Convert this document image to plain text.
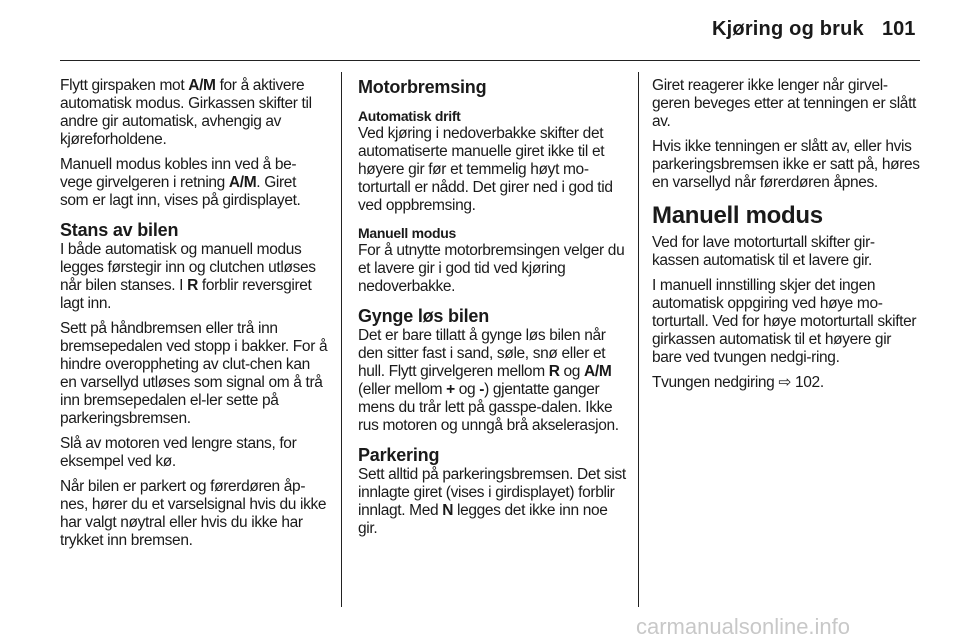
Kjøring og bruk 101

Flytt girspaken mot A/M for å aktivere automatisk modus. Girkassen skifter til andre gir automatisk, avhengig av kjøreforholdene.

Manuell modus kobles inn ved å be-vege girvelgeren i retning A/M. Giret som er lagt inn, vises på girdisplayet.

Stans av bilen

I både automatisk og manuell modus legges førstegir inn og clutchen utløses når bilen stanses. I R forblir reversgiret lagt inn.

Sett på håndbremsen eller trå inn bremsepedalen ved stopp i bakker. For å hindre overoppheting av clut-chen kan en varsellyd utløses som signal om å trå inn bremsepedalen el-ler sette på parkeringsbremsen.

Slå av motoren ved lengre stans, for eksempel ved kø.

Når bilen er parkert og førerdøren åp-nes, hører du et varselsignal hvis du ikke har valgt nøytral eller hvis du ikke har trykket inn bremsen.

Motorbremsing
Automatisk drift

Ved kjøring i nedoverbakke skifter det automatiserte manuelle giret ikke til et høyere gir før et temmelig høyt mo-torturtall er nådd. Det girer ned i god tid ved oppbremsing.

Manuell modus

For å utnytte motorbremsingen velger du et lavere gir i god tid ved kjøring nedoverbakke.

Gynge løs bilen

Det er bare tillatt å gynge løs bilen når den sitter fast i sand, søle, snø eller et hull. Flytt girvelgeren mellom R og A/M (eller mellom + og -) gjentatte ganger mens du trår lett på gasspe-dalen. Ikke rus motoren og unngå brå akselerasjon.

Parkering

Sett alltid på parkeringsbremsen. Det sist innlagte giret (vises i girdisplayet) forblir innlagt. Med N legges det ikke inn noe gir.

Giret reagerer ikke lenger når girvel-geren beveges etter at tenningen er slått av.

Hvis ikke tenningen er slått av, eller hvis parkeringsbremsen ikke er satt på, høres en varsellyd når førerdøren åpnes.

Manuell modus

Ved for lave motorturtall skifter gir-kassen automatisk til et lavere gir.

I manuell innstilling skjer det ingen automatisk oppgiring ved høye mo-torturtall. Ved for høye motorturtall skifter girkassen automatisk til et høyere gir bare ved tvungen nedgi-ring.

Tvungen nedgiring ⇨ 102.

carmanualsonline.info
